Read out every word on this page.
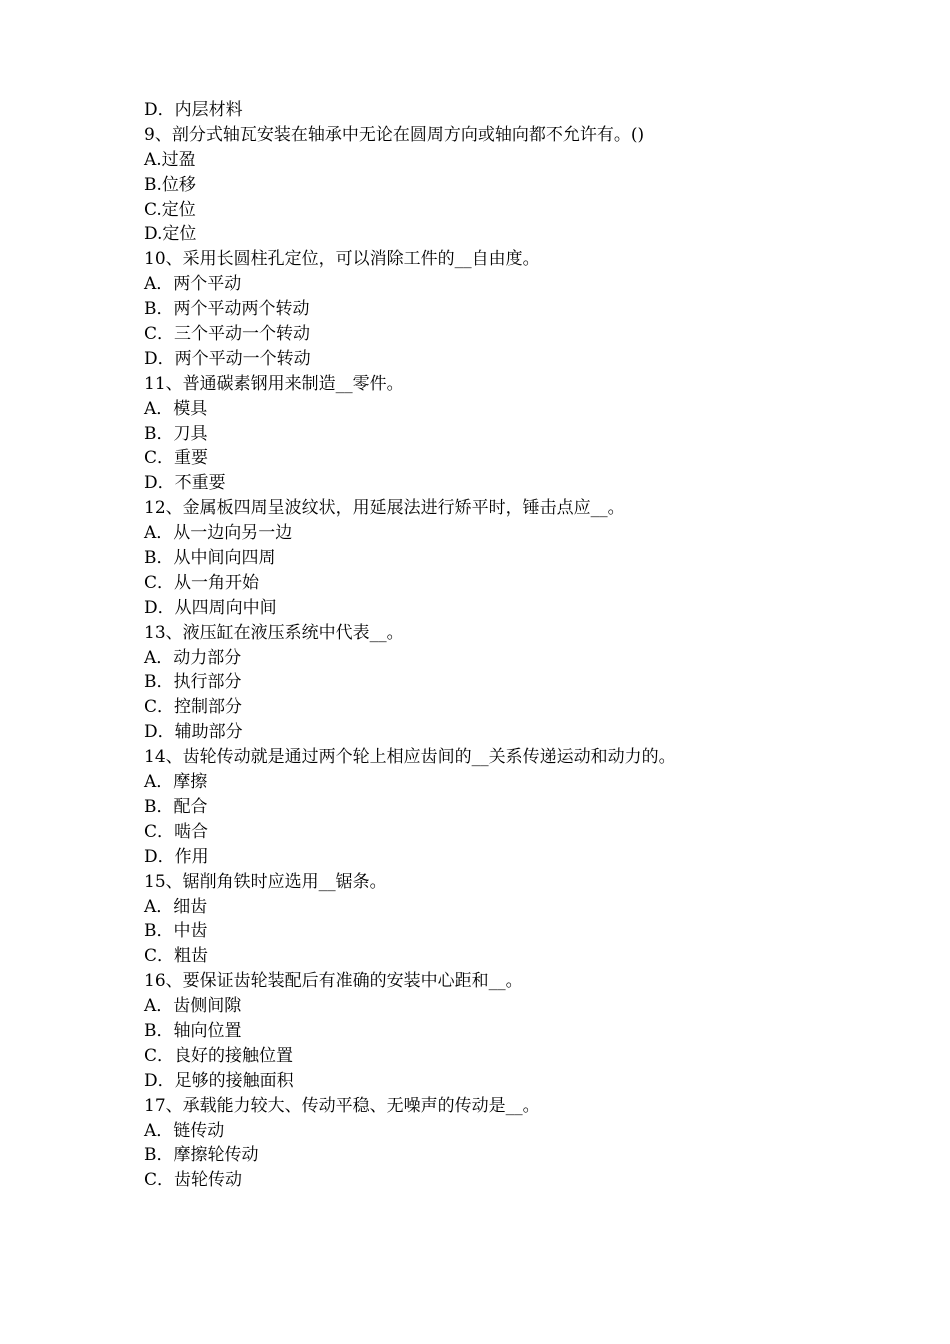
D．内层材料
9、剖分式轴瓦安装在轴承中无论在圆周方向或轴向都不允许有。()
A.过盈
B.位移
C.定位
D.定位
10、采用长圆柱孔定位，可以消除工件的__自由度。
A．两个平动
B．两个平动两个转动
C．三个平动一个转动
D．两个平动一个转动
11、普通碳素钢用来制造__零件。
A．模具
B．刀具
C．重要
D．不重要
12、金属板四周呈波纹状，用延展法进行矫平时，锤击点应__。
A．从一边向另一边
B．从中间向四周
C．从一角开始
D．从四周向中间
13、液压缸在液压系统中代表__。
A．动力部分
B．执行部分
C．控制部分
D．辅助部分
14、齿轮传动就是通过两个轮上相应齿间的__关系传递运动和动力的。
A．摩擦
B．配合
C．啮合
D．作用
15、锯削角铁时应选用__锯条。
A．细齿
B．中齿
C．粗齿
16、要保证齿轮装配后有准确的安装中心距和__。
A．齿侧间隙
B．轴向位置
C．良好的接触位置
D．足够的接触面积
17、承载能力较大、传动平稳、无噪声的传动是__。
A．链传动
B．摩擦轮传动
C．齿轮传动
